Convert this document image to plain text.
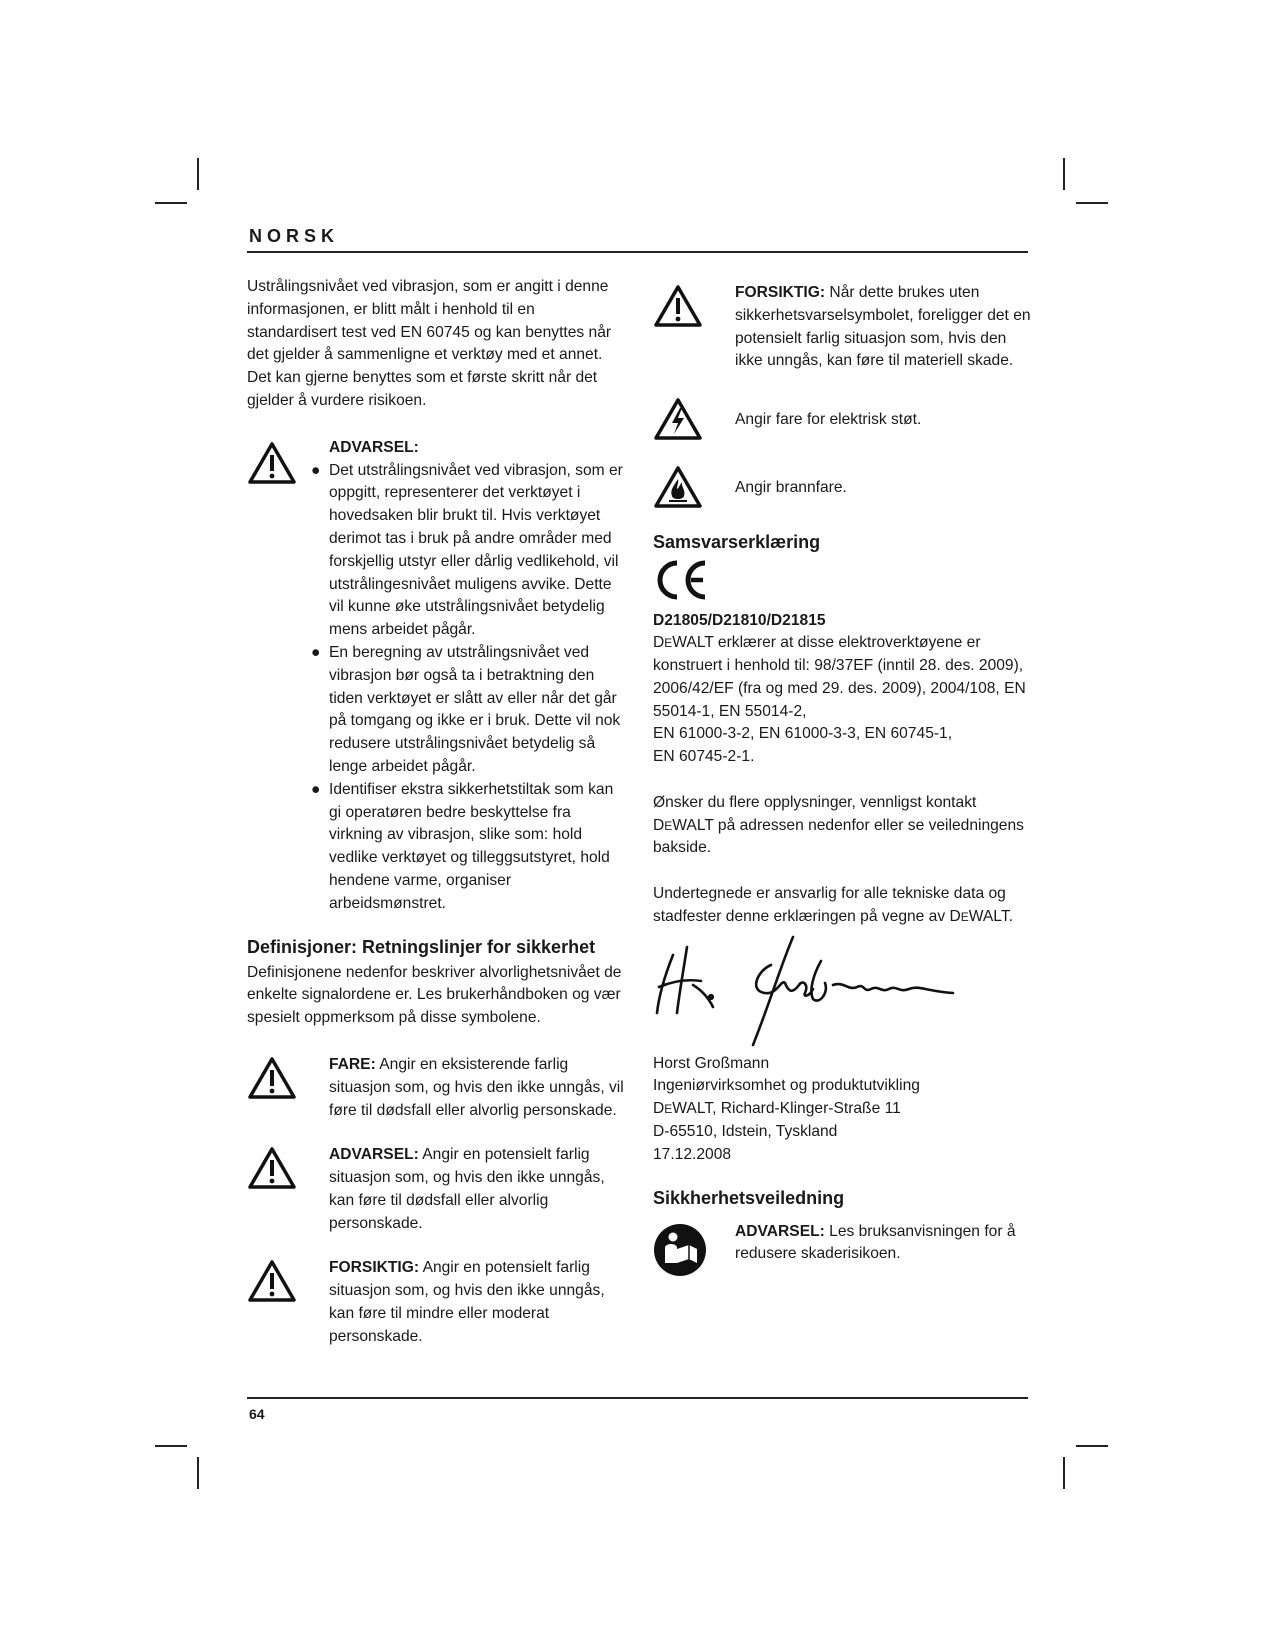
NORSK

Ustrålingsnivået ved vibrasjon, som er angitt i denne informasjonen, er blitt målt i henhold til en standardisert test ved EN 60745 og kan benyttes når det gjelder å sammenligne et verktøy med et annet. Det kan gjerne benyttes som et første skritt når det gjelder å vurdere risikoen.

ADVARSEL:

● Det utstrålingsnivået ved vibrasjon, som er oppgitt, representerer det verktøyet i hovedsaken blir brukt til. Hvis verktøyet derimot tas i bruk på andre områder med forskjellig utstyr eller dårlig vedlikehold, vil utstrålingesnivået muligens avvike. Dette vil kunne øke utstrålingsnivået betydelig mens arbeidet pågår.
● En beregning av utstrålingsnivået ved vibrasjon bør også ta i betraktning den tiden verktøyet er slått av eller når det går på tomgang og ikke er i bruk. Dette vil nok redusere utstrålingsnivået betydelig så lenge arbeidet pågår.
● Identifiser ekstra sikkerhetstiltak som kan gi operatøren bedre beskyttelse fra virkning av vibrasjon, slike som: hold vedlike verktøyet og tilleggsutstyret, hold hendene varme, organiser arbeidsmønstret.
Definisjoner: Retningslinjer for sikkerhet

Definisjonene nedenfor beskriver alvorlighetsnivået de enkelte signalordene er. Les brukerhåndboken og vær spesielt oppmerksom på disse symbolene.

FARE: Angir en eksisterende farlig situasjon som, og hvis den ikke unngås, vil føre til dødsfall eller alvorlig personskade.

ADVARSEL: Angir en potensielt farlig situasjon som, og hvis den ikke unngås, kan føre til dødsfall eller alvorlig personskade.

FORSIKTIG: Angir en potensielt farlig situasjon som, og hvis den ikke unngås, kan føre til mindre eller moderat personskade.

FORSIKTIG: Når dette brukes uten sikkerhetsvarselsymbolet, foreligger det en potensielt farlig situasjon som, hvis den ikke unngås, kan føre til materiell skade.

Angir fare for elektrisk støt.

Angir brannfare.

Samsvarserklæring

D21805/D21810/D21815

DEWALT erklærer at disse elektroverktøyene er konstruert i henhold til: 98/37EF (inntil 28. des. 2009), 2006/42/EF (fra og med 29. des. 2009), 2004/108, EN 55014-1, EN 55014-2,

EN 61000-3-2, EN 61000-3-3, EN 60745-1,

EN 60745-2-1.

Ønsker du flere opplysninger, vennligst kontakt
DEWALT på adressen nedenfor eller se veiledningens bakside.

Undertegnede er ansvarlig for alle tekniske data og stadfester denne erklæringen på vegne av DEWALT.

Horst Großmann

Ingeniørvirksomhet og produktutvikling

DEWALT, Richard-Klinger-Straße 11

D-65510, Idstein, Tyskland

17.12.2008

Sikkherhetsveiledning

ADVARSEL: Les bruksanvisningen for å redusere skaderisikoen.

64
